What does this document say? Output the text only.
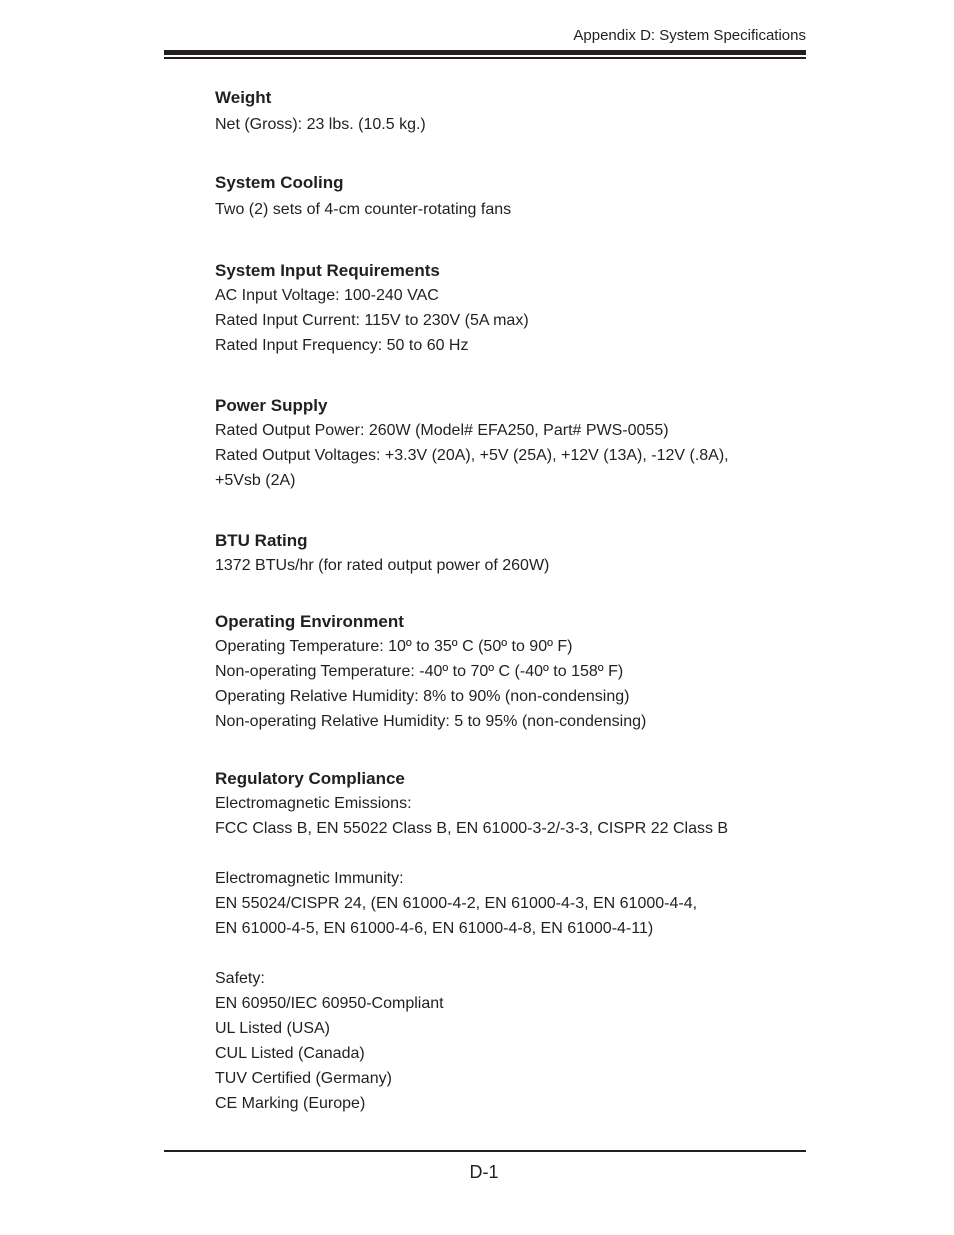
Appendix D: System Specifications

Weight

Net (Gross): 23 lbs. (10.5 kg.)

System Cooling

Two (2) sets of 4-cm counter-rotating fans

System Input Requirements

AC Input Voltage: 100-240 VAC

Rated Input Current: 115V to 230V (5A max)

Rated Input Frequency: 50 to 60 Hz

Power Supply

Rated Output Power: 260W (Model# EFA250, Part# PWS-0055)

Rated Output Voltages: +3.3V (20A), +5V (25A), +12V (13A), -12V (.8A),

+5Vsb (2A)

BTU Rating

1372 BTUs/hr (for rated output power of 260W)

Operating Environment

Operating Temperature: 10º to 35º C (50º to 90º F)

Non-operating Temperature: -40º to 70º C (-40º to 158º F)

Operating Relative Humidity: 8% to 90% (non-condensing)

Non-operating Relative Humidity: 5 to 95% (non-condensing)

Regulatory Compliance

Electromagnetic Emissions:

FCC Class B, EN 55022 Class B, EN 61000-3-2/-3-3, CISPR 22 Class B

Electromagnetic Immunity:

EN 55024/CISPR 24, (EN 61000-4-2, EN 61000-4-3, EN 61000-4-4,

EN 61000-4-5, EN 61000-4-6, EN 61000-4-8, EN 61000-4-11)

Safety:

EN 60950/IEC 60950-Compliant

UL Listed (USA)

CUL Listed (Canada)

TUV Certified (Germany)

CE Marking (Europe)

D-1
